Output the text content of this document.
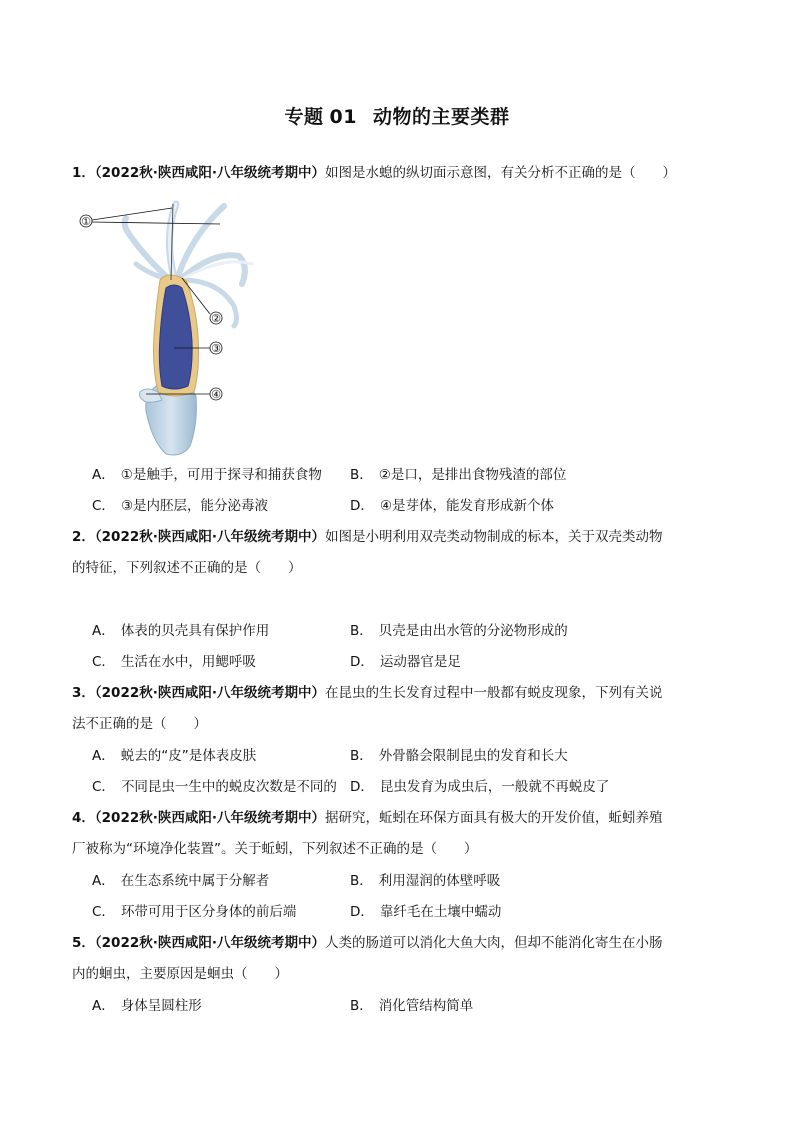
专题 01 动物的主要类群
1．（2022秋·陕西咸阳·八年级统考期中）如图是水螅的纵切面示意图，有关分析不正确的是（　　）
①
②
③
④
A． ①是触手，可用于探寻和捕获食物 B． ②是口，是排出食物残渣的部位
C． ③是内胚层，能分泌毒液	D． ④是芽体，能发育形成新个体
2．（2022秋·陕西咸阳·八年级统考期中）如图是小明利用双壳类动物制成的标本，关于双壳类动物
的特征，下列叙述不正确的是（　　）
A． 体表的贝壳具有保护作用	B． 贝壳是由出水管的分泌物形成的
C． 生活在水中，用鳃呼吸	D． 运动器官是足
3．（2022秋·陕西咸阳·八年级统考期中）在昆虫的生长发育过程中一般都有蜕皮现象，下列有关说
法不正确的是（　　）
A． 蜕去的“皮”是体表皮肤	B． 外骨骼会限制昆虫的发育和长大
C． 不同昆虫一生中的蜕皮次数是不同的 D． 昆虫发育为成虫后，一般就不再蜕皮了
4．（2022秋·陕西咸阳·八年级统考期中）据研究，蚯蚓在环保方面具有极大的开发价值，蚯蚓养殖
厂被称为“环境净化装置”。关于蚯蚓，下列叙述不正确的是（　　）
A． 在生态系统中属于分解者	B． 利用湿润的体壁呼吸
C． 环带可用于区分身体的前后端	D． 靠纤毛在土壤中蠕动
5．（2022秋·陕西咸阳·八年级统考期中）人类的肠道可以消化大鱼大肉，但却不能消化寄生在小肠
内的蛔虫，主要原因是蛔虫（　　）
A． 身体呈圆柱形	B． 消化管结构简单
